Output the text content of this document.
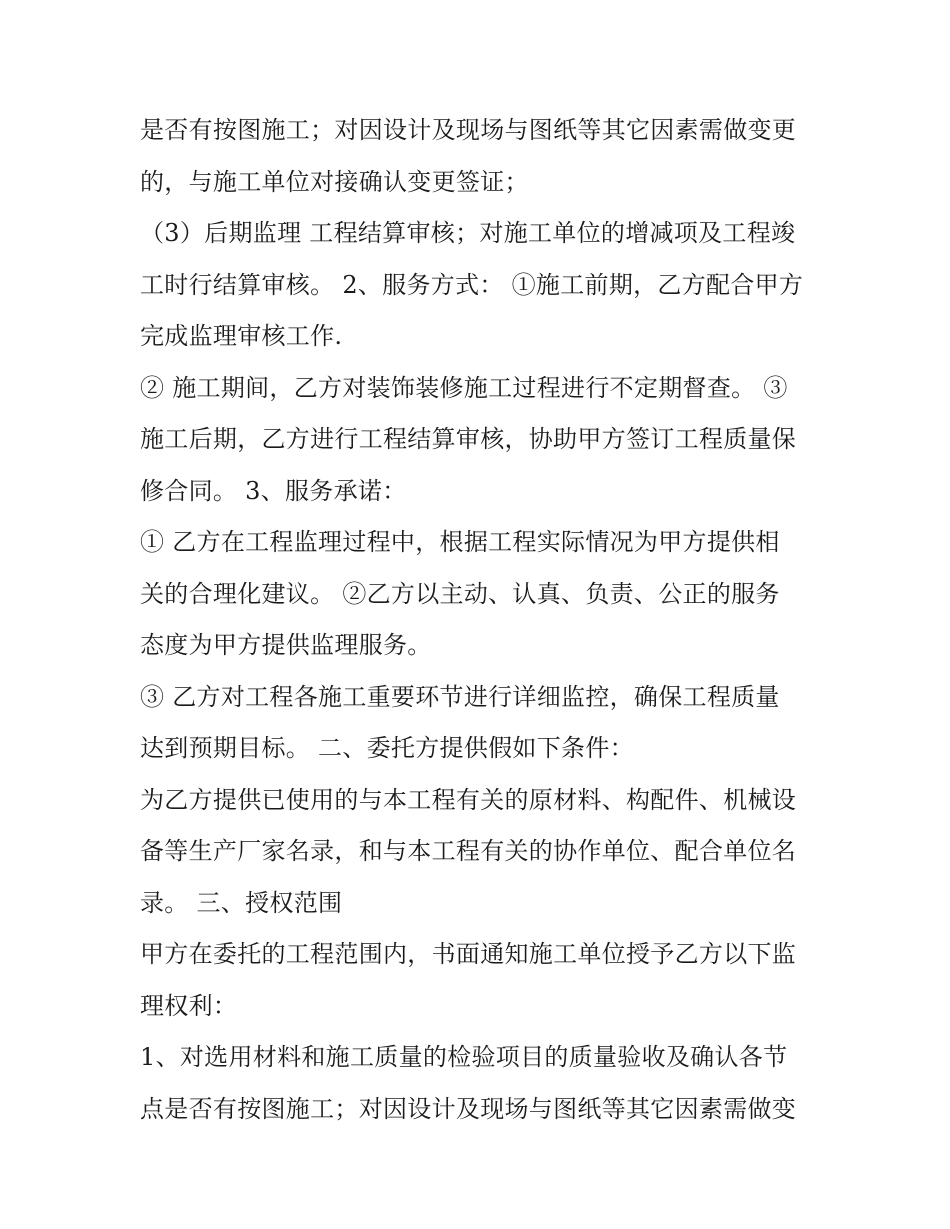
是否有按图施工；对因设计及现场与图纸等其它因素需做变更
的，与施工单位对接确认变更签证；
（3）后期监理 工程结算审核；对施工单位的增减项及工程竣
工时行结算审核。 2、服务方式： ①施工前期，乙方配合甲方
完成监理审核工作.
② 施工期间，乙方对装饰装修施工过程进行不定期督查。 ③
施工后期，乙方进行工程结算审核，协助甲方签订工程质量保
修合同。 3、服务承诺：
① 乙方在工程监理过程中，根据工程实际情况为甲方提供相
关的合理化建议。 ②乙方以主动、认真、负责、公正的服务
态度为甲方提供监理服务。
③ 乙方对工程各施工重要环节进行详细监控，确保工程质量
达到预期目标。 二、委托方提供假如下条件：
为乙方提供已使用的与本工程有关的原材料、构配件、机械设
备等生产厂家名录，和与本工程有关的协作单位、配合单位名
录。 三、授权范围
甲方在委托的工程范围内，书面通知施工单位授予乙方以下监
理权利：
1、对选用材料和施工质量的检验项目的质量验收及确认各节
点是否有按图施工；对因设计及现场与图纸等其它因素需做变
